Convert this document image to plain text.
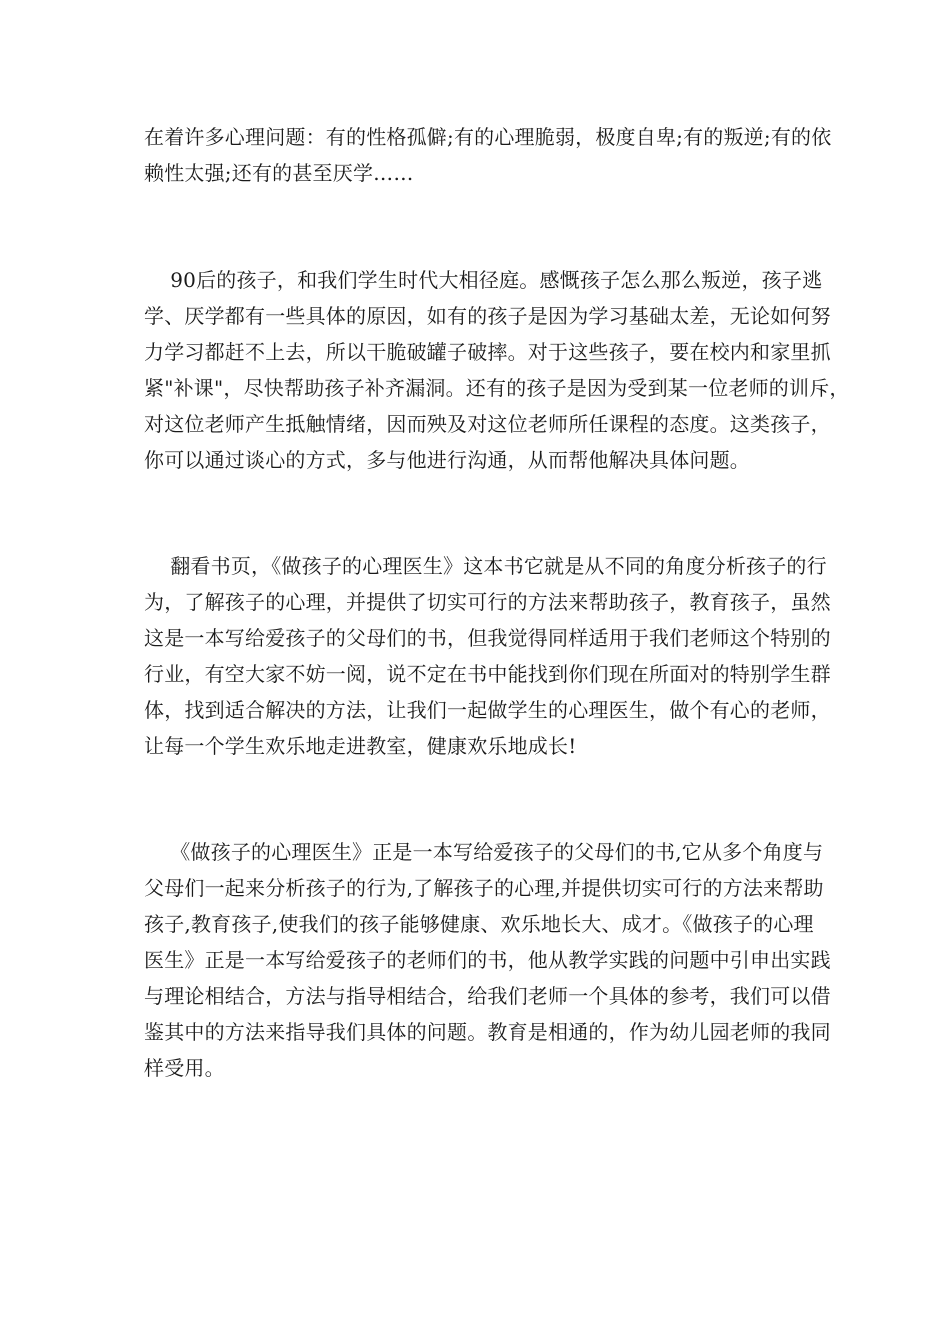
在着许多心理问题：有的性格孤僻;有的心理脆弱，极度自卑;有的叛逆;有的依
赖性太强;还有的甚至厌学……

90后的孩子，和我们学生时代大相径庭。感慨孩子怎么那么叛逆，孩子逃
学、厌学都有一些具体的原因，如有的孩子是因为学习基础太差，无论如何努
力学习都赶不上去，所以干脆破罐子破摔。对于这些孩子，要在校内和家里抓
紧"补课"，尽快帮助孩子补齐漏洞。还有的孩子是因为受到某一位老师的训斥，
对这位老师产生抵触情绪，因而殃及对这位老师所任课程的态度。这类孩子，
你可以通过谈心的方式，多与他进行沟通，从而帮他解决具体问题。

翻看书页，《做孩子的心理医生》这本书它就是从不同的角度分析孩子的行
为，了解孩子的心理，并提供了切实可行的方法来帮助孩子，教育孩子，虽然
这是一本写给爱孩子的父母们的书，但我觉得同样适用于我们老师这个特别的
行业，有空大家不妨一阅，说不定在书中能找到你们现在所面对的特别学生群
体，找到适合解决的方法，让我们一起做学生的心理医生，做个有心的老师，
让每一个学生欢乐地走进教室，健康欢乐地成长!

《做孩子的心理医生》正是一本写给爱孩子的父母们的书,它从多个角度与
父母们一起来分析孩子的行为,了解孩子的心理,并提供切实可行的方法来帮助
孩子,教育孩子,使我们的孩子能够健康、欢乐地长大、成才。《做孩子的心理
医生》正是一本写给爱孩子的老师们的书，他从教学实践的问题中引申出实践
与理论相结合，方法与指导相结合，给我们老师一个具体的参考，我们可以借
鉴其中的方法来指导我们具体的问题。教育是相通的，作为幼儿园老师的我同
样受用。
